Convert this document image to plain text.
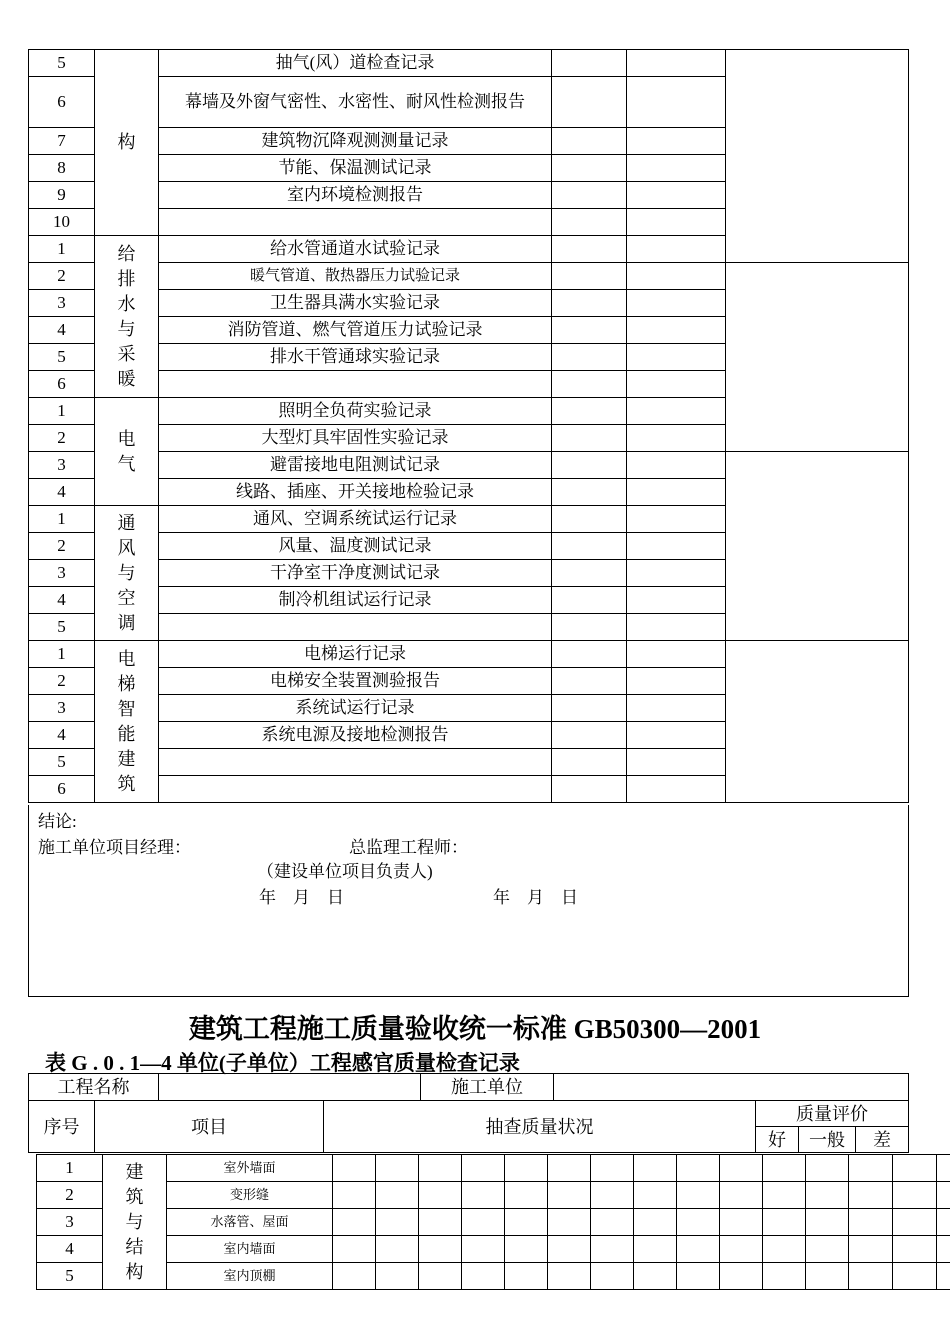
5	构	抽气(风）道检查记录				
6		幕墙及外窗气密性、水密性、耐风性检测报告				
7		建筑物沉降观测测量记录				
8		节能、保温测试记录				
9		室内环境检测报告				
10						
1	给排水与采暖	给水管通道水试验记录				
2		暖气管道、散热器压力试验记录				
3		卫生器具满水实验记录				
4		消防管道、燃气管道压力试验记录				
5		排水干管通球实验记录				
6						
1	电气	照明全负荷实验记录				
2		大型灯具牢固性实验记录				
3		避雷接地电阻测试记录				
4		线路、插座、开关接地检验记录				
1	通风与空调	通风、空调系统试运行记录				
2		风量、温度测试记录				
3		干净室干净度测试记录				
4		制冷机组试运行记录				
5						
1	电梯智能建筑	电梯运行记录				
2		电梯安全装置测验报告				
3		系统试运行记录				
4		系统电源及接地检测报告				
5						
6						
结论:
施工单位项目经理：	总监理工程师：
（建设单位项目负责人)
年　月　日	年　月　日
建筑工程施工质量验收统一标准 GB50300—2001
表 G . 0 . 1—4 单位(子单位）工程感官质量检查记录
工程名称				施工单位				
序号	项目		抽查质量状况			质量评价		
						好	一般	差
1	建筑与结构	室外墙面															
2		变形缝															
3		水落管、屋面															
4		室内墙面															
5		室内顶棚															
